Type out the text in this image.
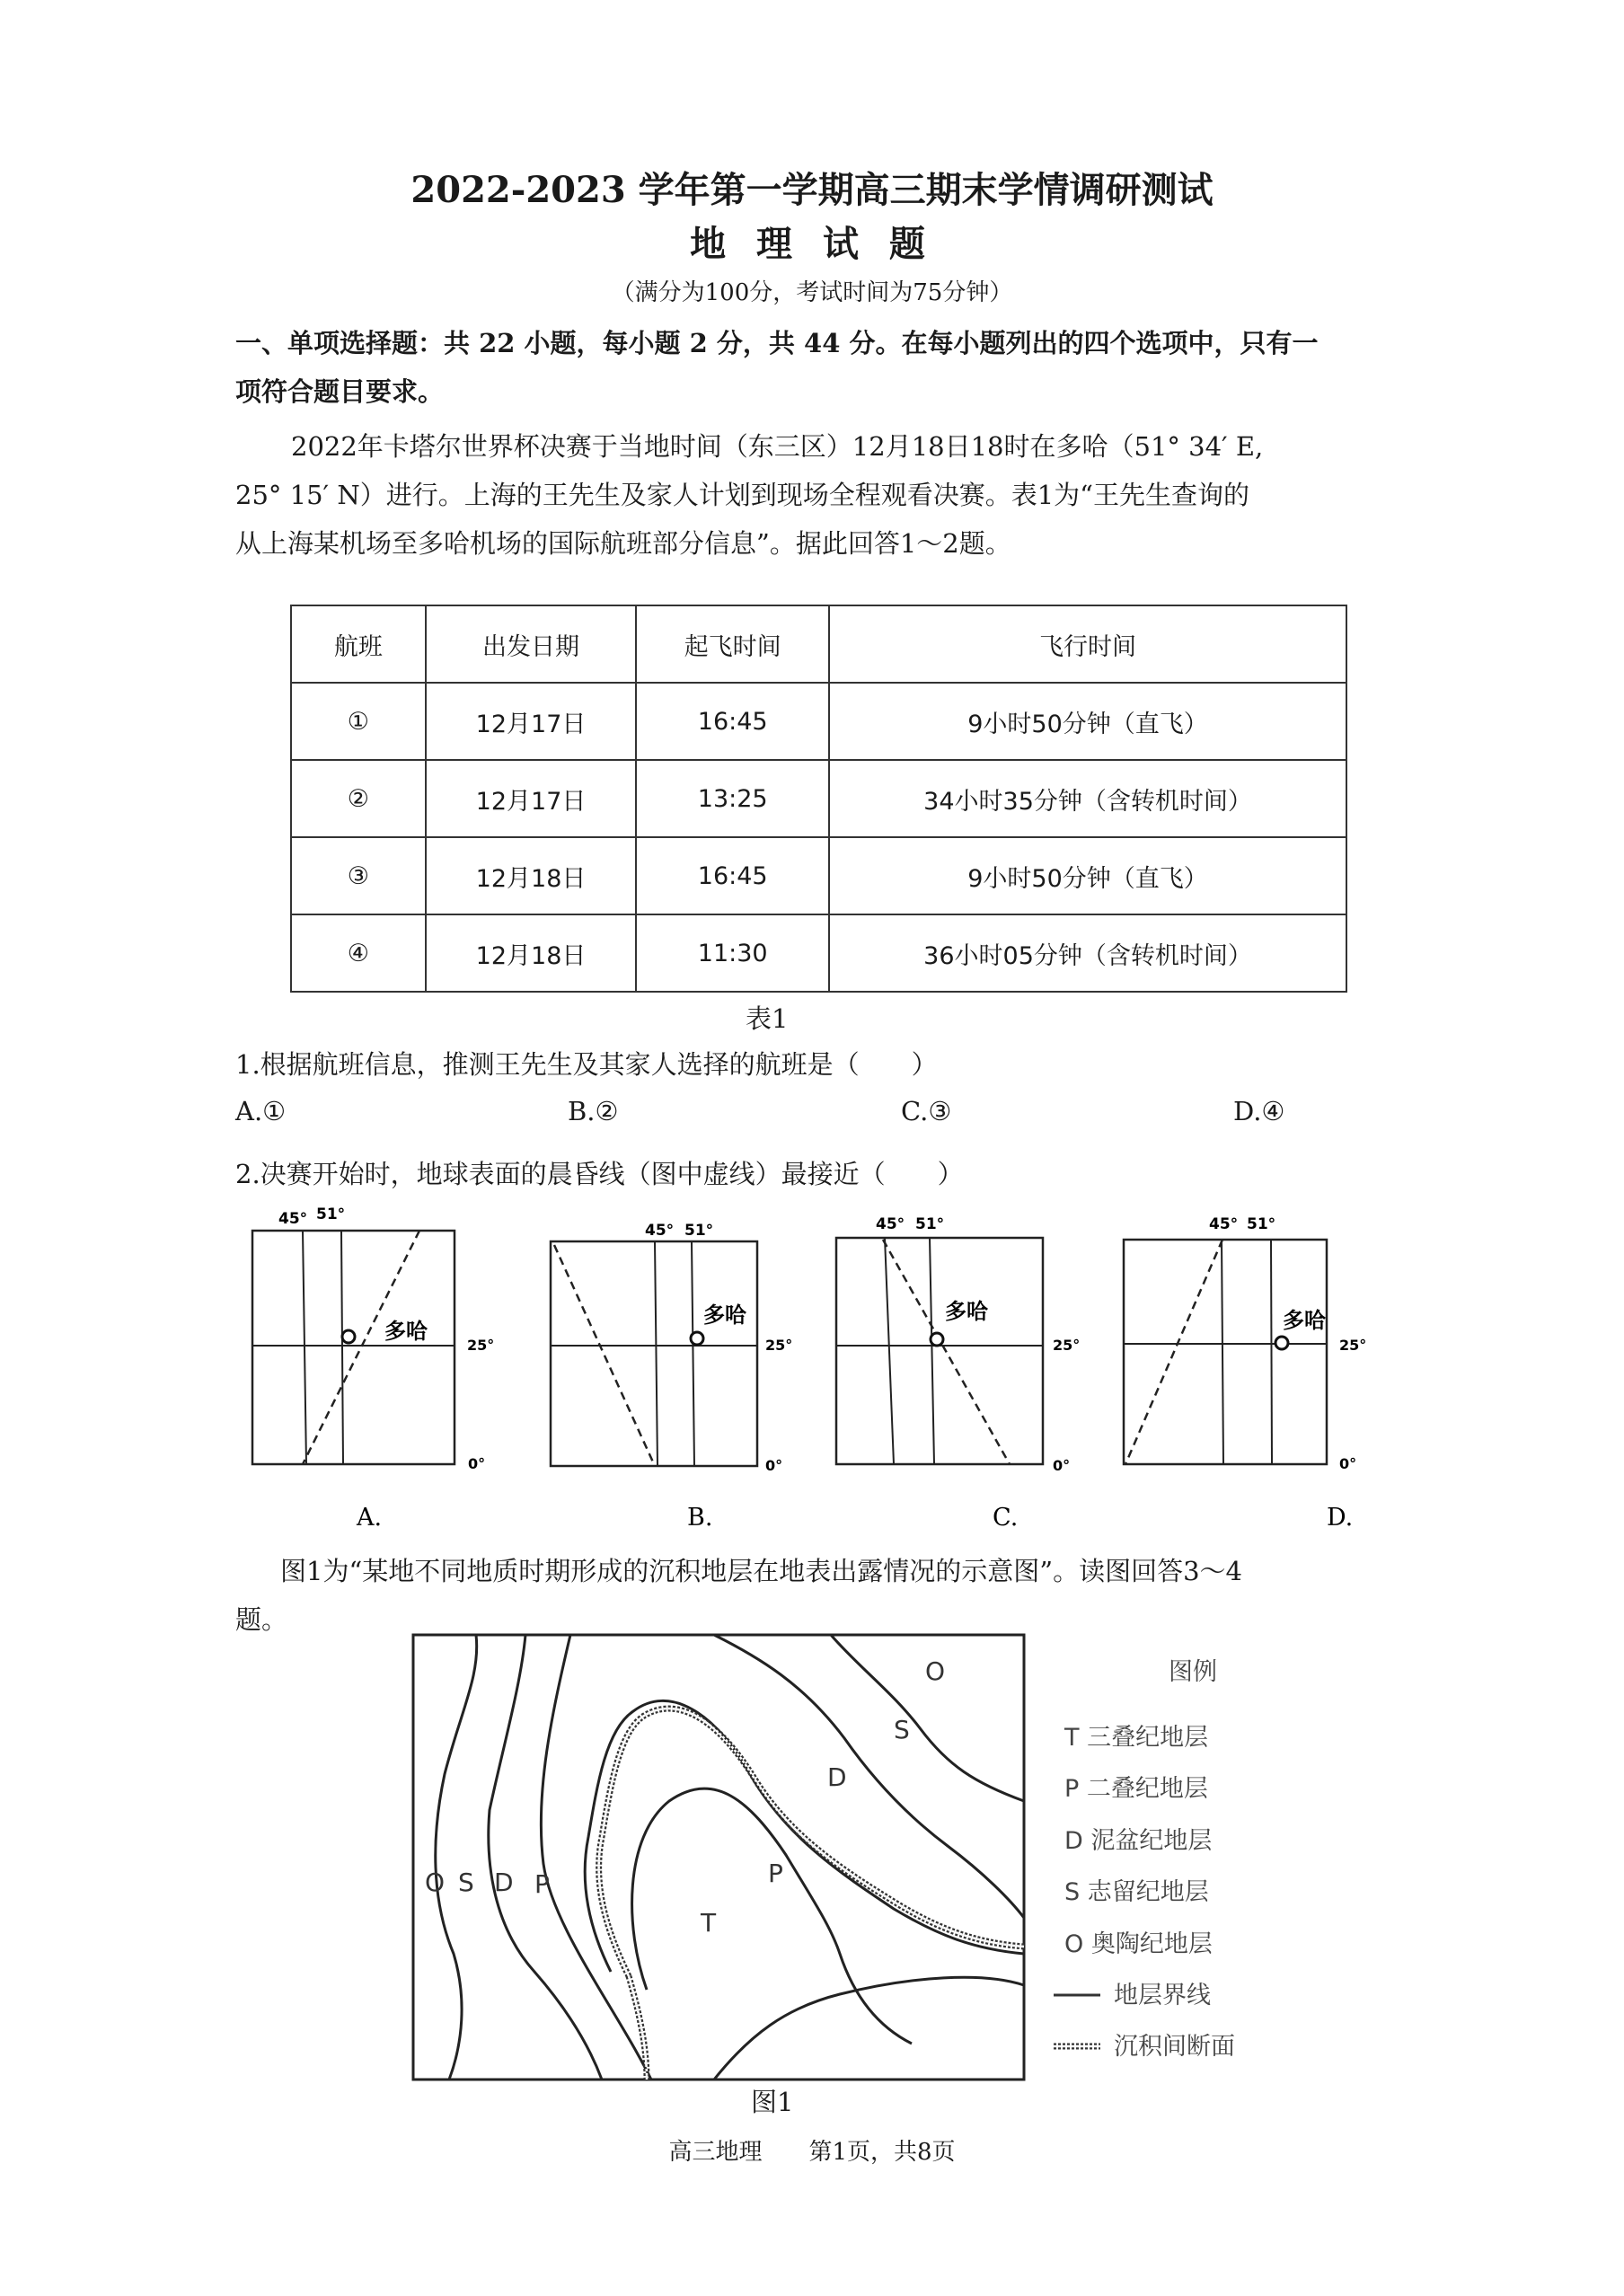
2022-2023 学年第一学期高三期末学情调研测试
地 理 试 题
（满分为100分，考试时间为75分钟）
一、单项选择题：共 22 小题，每小题 2 分，共 44 分。在每小题列出的四个选项中，只有一
项符合题目要求。
2022年卡塔尔世界杯决赛于当地时间（东三区）12月18日18时在多哈（51° 34′ E,
25° 15′ N）进行。上海的王先生及家人计划到现场全程观看决赛。表1为“王先生查询的
从上海某机场至多哈机场的国际航班部分信息”。据此回答1～2题。
航班	出发日期	起飞时间	飞行时间
①	12月17日	16:45	9小时50分钟（直飞）
②	12月17日	13:25	34小时35分钟（含转机时间）
③	12月18日	16:45	9小时50分钟（直飞）
④	12月18日	11:30	36小时05分钟（含转机时间）
表1
1.根据航班信息，推测王先生及其家人选择的航班是（　　）
A.①	B.②	C.③	D.④
2.决赛开始时，地球表面的晨昏线（图中虚线）最接近（　　）
45° 51°
多哈
25°
0°
45° 51°
多哈
25°
0°
45° 51°
多哈
25°
0°
45° 51°
多哈
25°
0°
A.	B.	C.	D.
图1为“某地不同地质时期形成的沉积地层在地表出露情况的示意图”。读图回答3～4
题。
O S D P
T
P
D
S
O	图例
T 三叠纪地层
P 二叠纪地层
D 泥盆纪地层
S 志留纪地层
O 奥陶纪地层
地层界线
沉积间断面
图1
高三地理　　第1页，共8页
